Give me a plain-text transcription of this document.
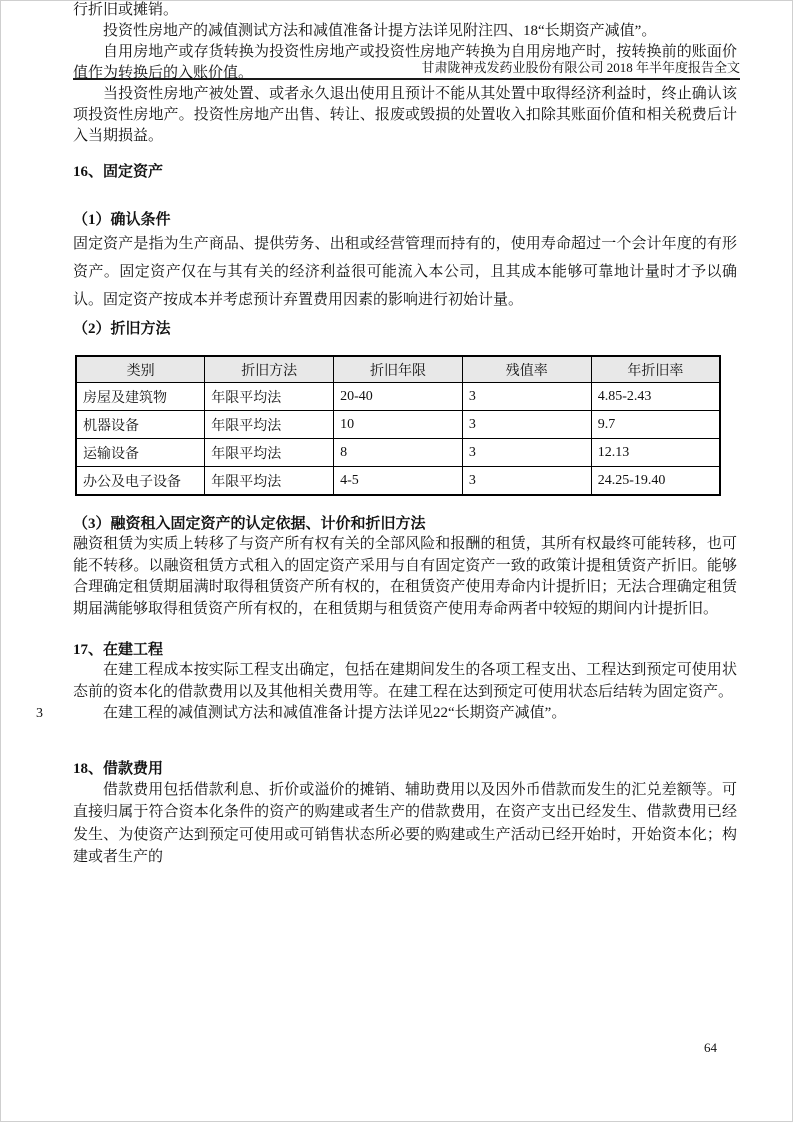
甘肃陇神戎发药业股份有限公司 2018 年半年度报告全文

行折旧或摊销。

投资性房地产的减值测试方法和减值准备计提方法详见附注四、18“长期资产减值”。

自用房地产或存货转换为投资性房地产或投资性房地产转换为自用房地产时，按转换前的账面价值作为转换后的入账价值。

当投资性房地产被处置、或者永久退出使用且预计不能从其处置中取得经济利益时，终止确认该项投资性房地产。投资性房地产出售、转让、报废或毁损的处置收入扣除其账面价值和相关税费后计入当期损益。

16、固定资产
（1）确认条件

固定资产是指为生产商品、提供劳务、出租或经营管理而持有的，使用寿命超过一个会计年度的有形资产。固定资产仅在与其有关的经济利益很可能流入本公司，且其成本能够可靠地计量时才予以确认。固定资产按成本并考虑预计弃置费用因素的影响进行初始计量。

（2）折旧方法
类别	折旧方法	折旧年限	残值率	年折旧率
房屋及建筑物	年限平均法	20-40	3	4.85-2.43
机器设备	年限平均法	10	3	9.7
运输设备	年限平均法	8	3	12.13
办公及电子设备	年限平均法	4-5	3	24.25-19.40
（3）融资租入固定资产的认定依据、计价和折旧方法

融资租赁为实质上转移了与资产所有权有关的全部风险和报酬的租赁，其所有权最终可能转移，也可能不转移。以融资租赁方式租入的固定资产采用与自有固定资产一致的政策计提租赁资产折旧。能够合理确定租赁期届满时取得租赁资产所有权的，在租赁资产使用寿命内计提折旧；无法合理确定租赁期届满能够取得租赁资产所有权的，在租赁期与租赁资产使用寿命两者中较短的期间内计提折旧。

17、在建工程

在建工程成本按实际工程支出确定，包括在建期间发生的各项工程支出、工程达到预定可使用状态前的资本化的借款费用以及其他相关费用等。在建工程在达到预定可使用状态后结转为固定资产。

3	在建工程的减值测试方法和减值准备计提方法详见22“长期资产减值”。

18、借款费用

借款费用包括借款利息、折价或溢价的摊销、辅助费用以及因外币借款而发生的汇兑差额等。可直接归属于符合资本化条件的资产的购建或者生产的借款费用，在资产支出已经发生、借款费用已经发生、为使资产达到预定可使用或可销售状态所必要的购建或生产活动已经开始时，开始资本化；构建或者生产的

64
